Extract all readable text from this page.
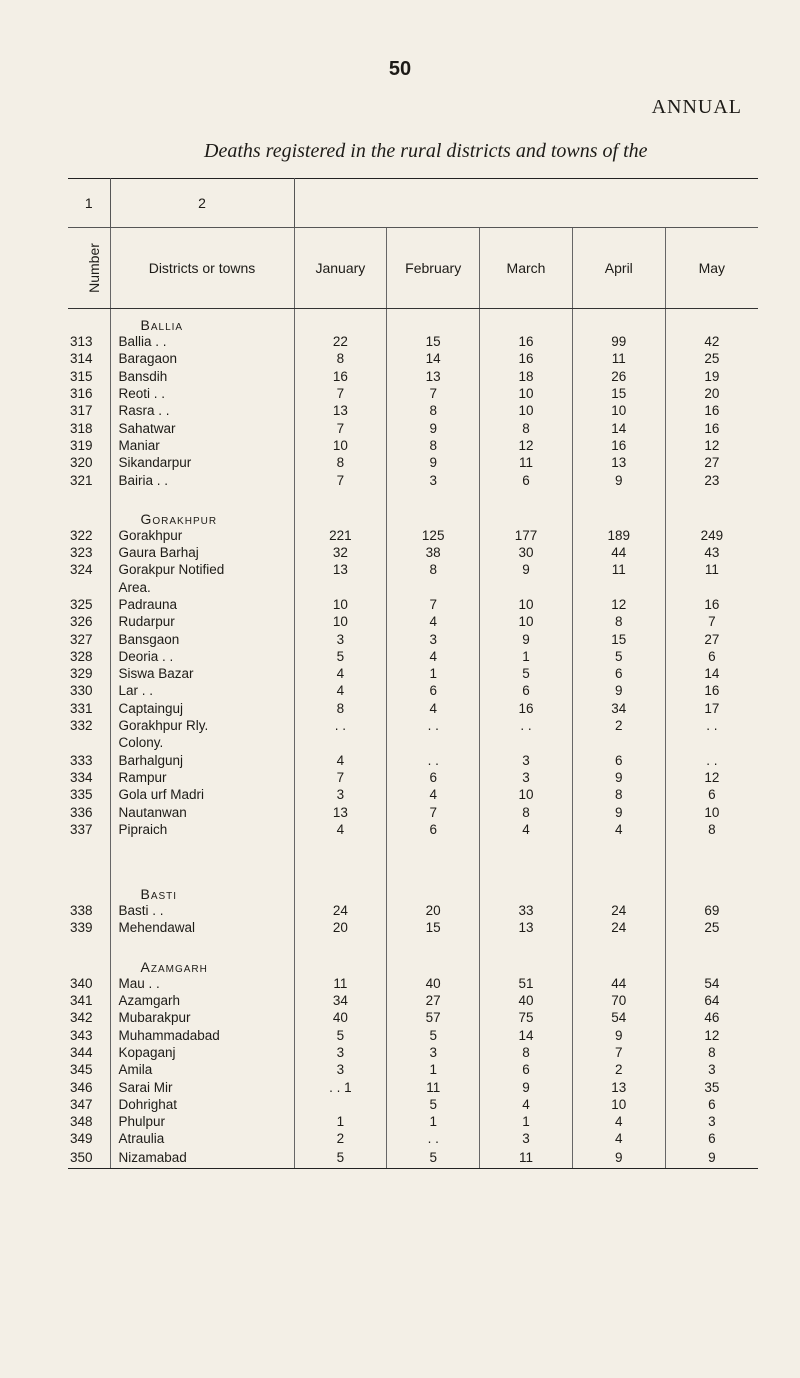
50
ANNUAL
Deaths registered in the rural districts and towns of the
1	2					
Number	Districts or towns	January	February	March	April	May
	Ballia					
313	Ballia . .	22	15	16	99	42
314	Baragaon	8	14	16	11	25
315	Bansdih	16	13	18	26	19
316	Reoti . .	7	7	10	15	20
317	Rasra . .	13	8	10	10	16
318	Sahatwar	7	9	8	14	16
319	Maniar	10	8	12	16	12
320	Sikandarpur	8	9	11	13	27
321	Bairia . .	7	3	6	9	23

	Gorakhpur					
322	Gorakhpur	221	125	177	189	249
323	Gaura Barhaj	32	38	30	44	43
324	Gorakpur Notified	13	8	9	11	11
	Area.					
325	Padrauna	10	7	10	12	16
326	Rudarpur	10	4	10	8	7
327	Bansgaon	3	3	9	15	27
328	Deoria . .	5	4	1	5	6
329	Siswa Bazar	4	1	5	6	14
330	Lar . .	4	6	6	9	16
331	Captainguj	8	4	16	34	17
332	Gorakhpur Rly.	. .	. .	. .	2	. .
	Colony.					
333	Barhalgunj	4	. .	3	6	. .
334	Rampur	7	6	3	9	12
335	Gola urf Madri	3	4	10	8	6
336	Nautanwan	13	7	8	9	10
337	Pipraich	4	6	4	4	8

	Basti					
338	Basti . .	24	20	33	24	69
339	Mehendawal	20	15	13	24	25

	Azamgarh					
340	Mau . .	11	40	51	44	54
341	Azamgarh	34	27	40	70	64
342	Mubarakpur	40	57	75	54	46
343	Muhammadabad	5	5	14	9	12
344	Kopaganj	3	3	8	7	8
345	Amila	3	1	6	2	3
346	Sarai Mir	. . 1	11	9	13	35
347	Dohrighat		5	4	10	6
348	Phulpur	1	1	1	4	3
349	Atraulia	2	. .	3	4	6
350	Nizamabad	5	5	11	9	9
